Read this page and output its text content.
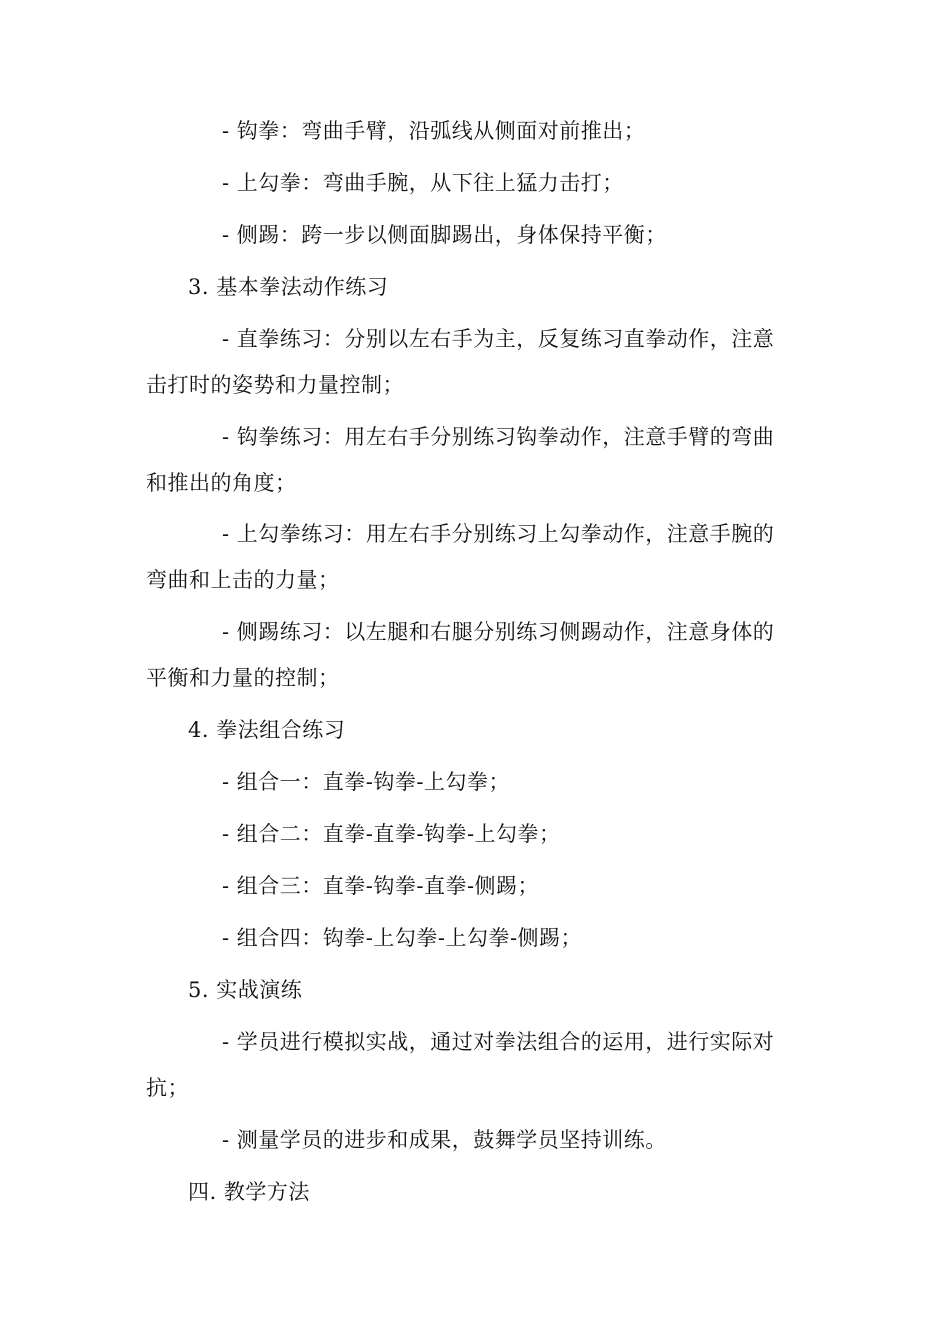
- 钩拳：弯曲手臂，沿弧线从侧面对前推出；
- 上勾拳：弯曲手腕，从下往上猛力击打；
- 侧踢：跨一步以侧面脚踢出，身体保持平衡；
3. 基本拳法动作练习
- 直拳练习：分别以左右手为主，反复练习直拳动作，注意
击打时的姿势和力量控制；
- 钩拳练习：用左右手分别练习钩拳动作，注意手臂的弯曲
和推出的角度；
- 上勾拳练习：用左右手分别练习上勾拳动作，注意手腕的
弯曲和上击的力量；
- 侧踢练习：以左腿和右腿分别练习侧踢动作，注意身体的
平衡和力量的控制；
4. 拳法组合练习
- 组合一：直拳-钩拳-上勾拳；
- 组合二：直拳-直拳-钩拳-上勾拳；
- 组合三：直拳-钩拳-直拳-侧踢；
- 组合四：钩拳-上勾拳-上勾拳-侧踢；
5. 实战演练
- 学员进行模拟实战，通过对拳法组合的运用，进行实际对
抗；
- 测量学员的进步和成果，鼓舞学员坚持训练。
四. 教学方法
